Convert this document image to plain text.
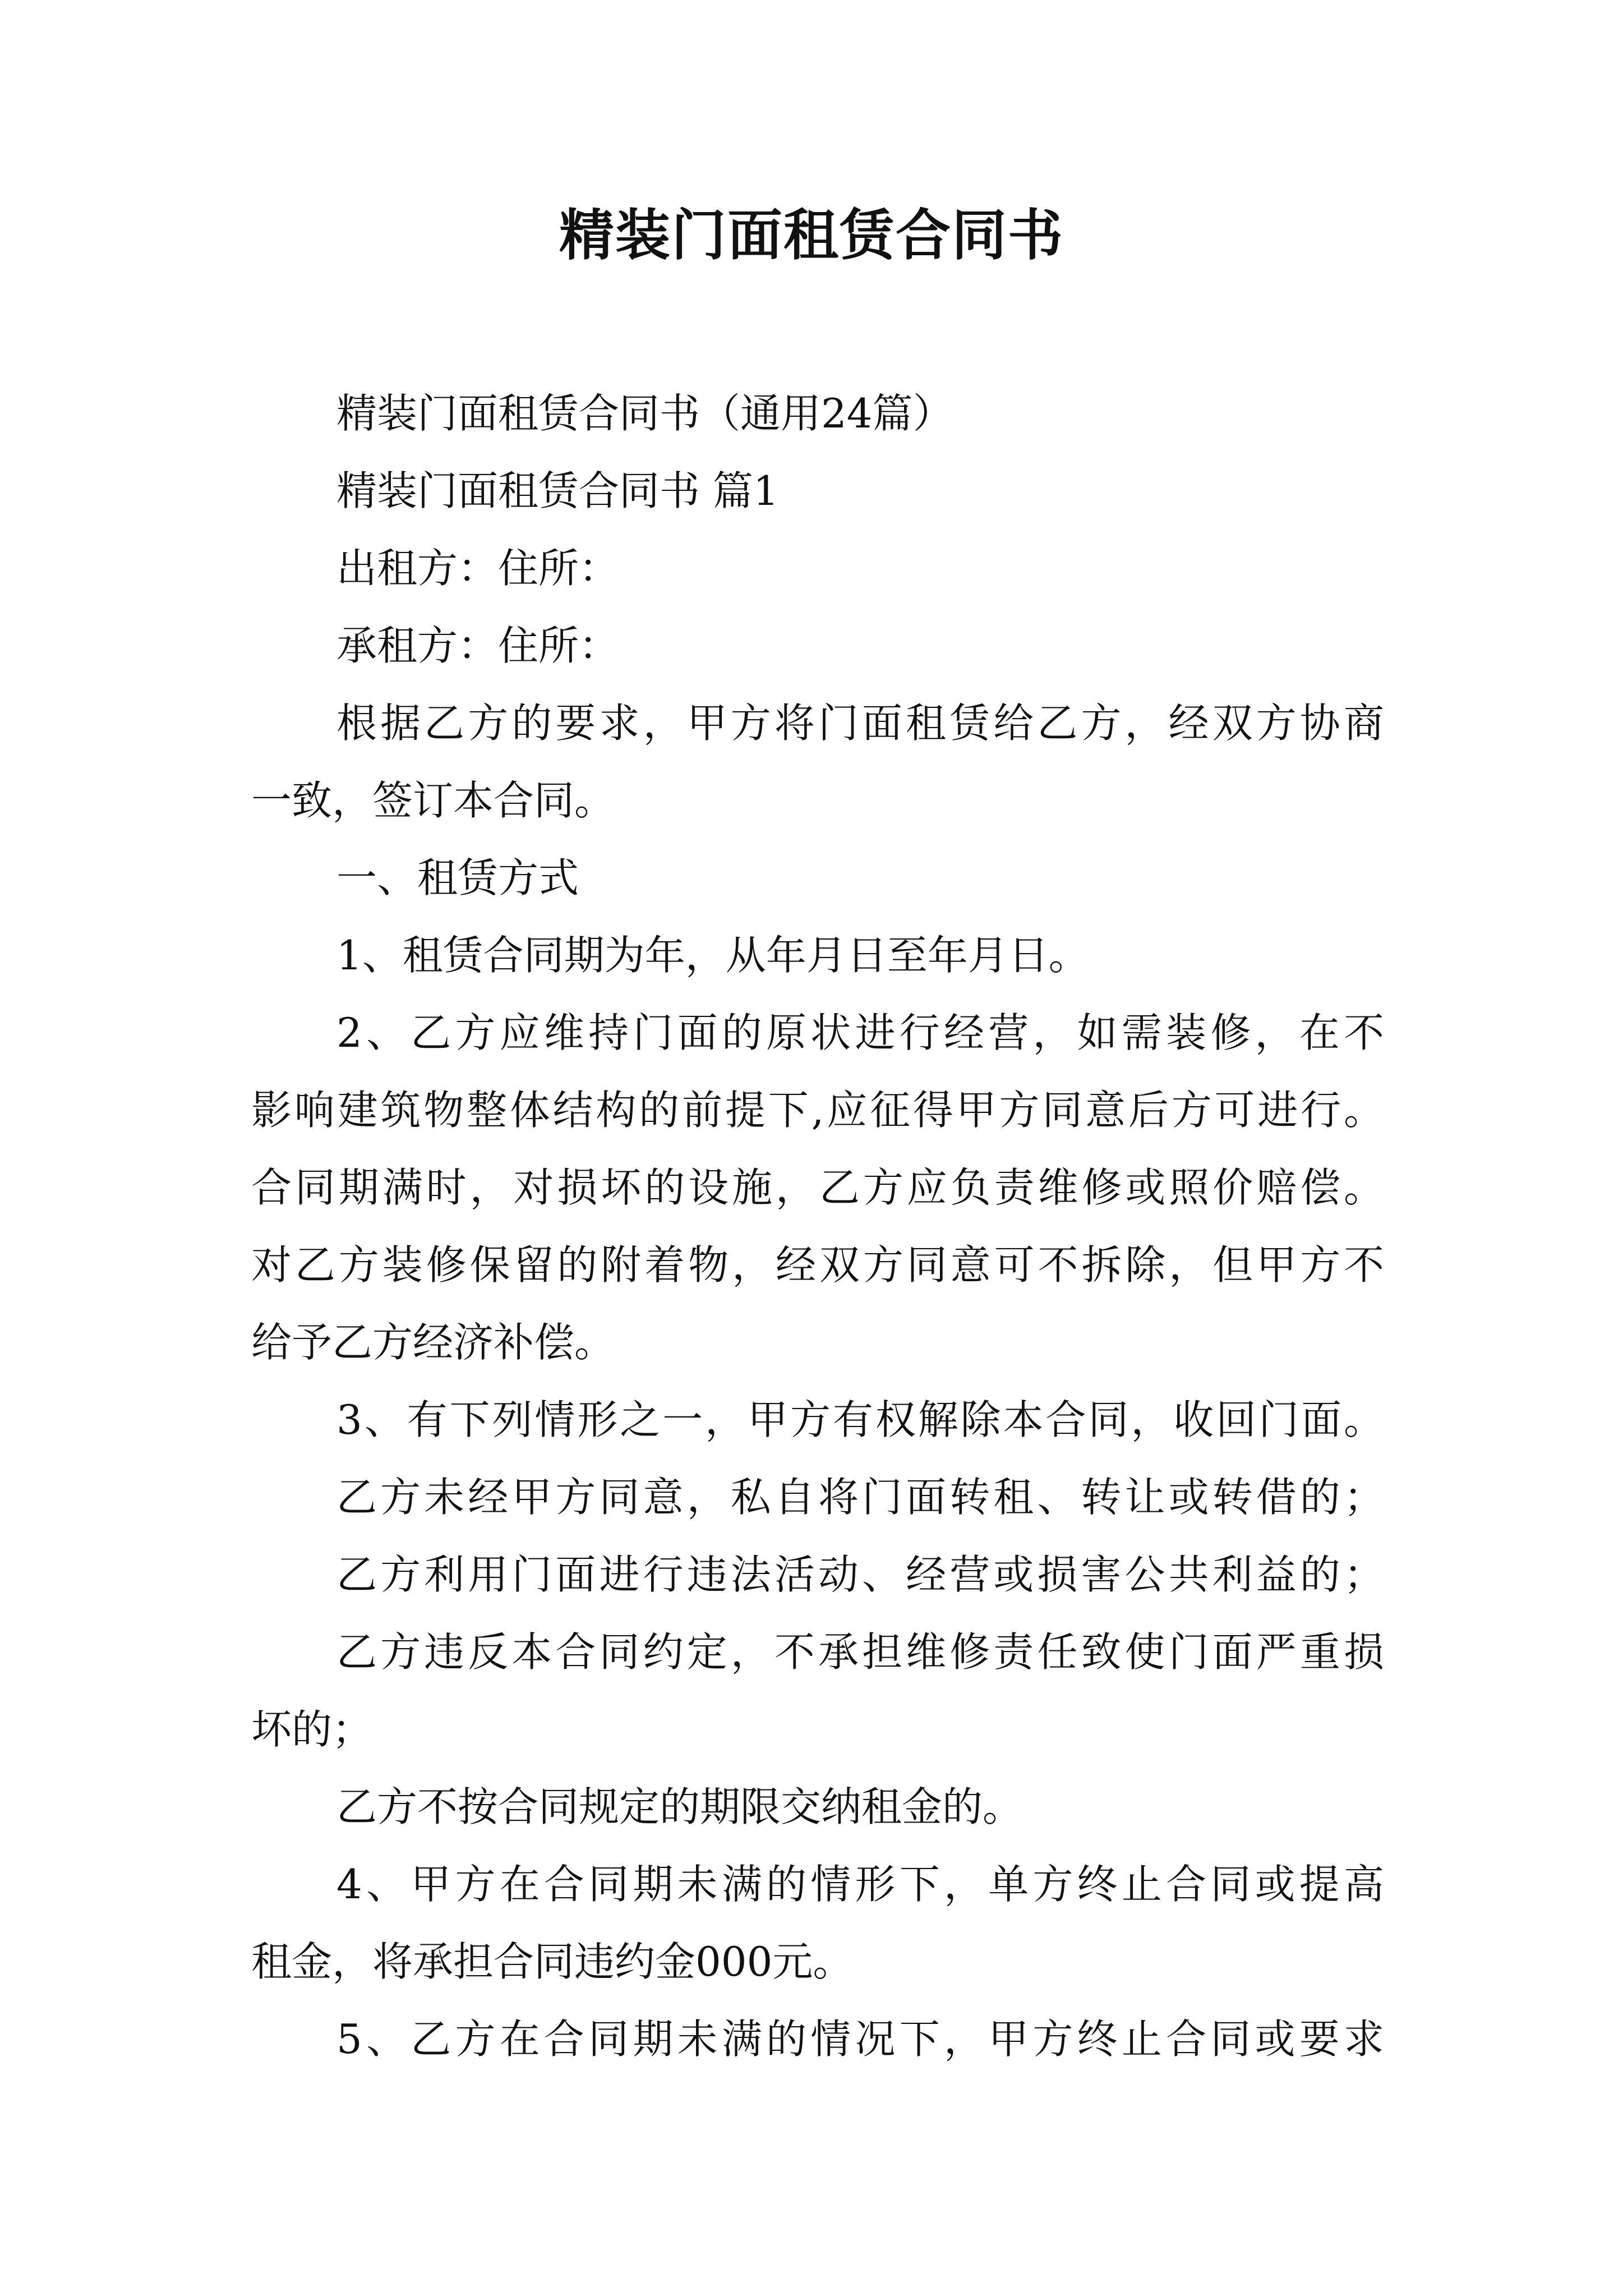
精装门面租赁合同书
精装门面租赁合同书（通用24篇）
精装门面租赁合同书 篇1
出租方：住所：
承租方：住所：
根据乙方的要求，甲方将门面租赁给乙方，经双方协商
一致，签订本合同。
一、租赁方式
1、租赁合同期为年，从年月日至年月日。
2、乙方应维持门面的原状进行经营，如需装修，在不
影响建筑物整体结构的前提下,应征得甲方同意后方可进行。
合同期满时，对损坏的设施，乙方应负责维修或照价赔偿。
对乙方装修保留的附着物，经双方同意可不拆除，但甲方不
给予乙方经济补偿。
3、有下列情形之一，甲方有权解除本合同，收回门面。
乙方未经甲方同意，私自将门面转租、转让或转借的；
乙方利用门面进行违法活动、经营或损害公共利益的；
乙方违反本合同约定，不承担维修责任致使门面严重损
坏的；
乙方不按合同规定的期限交纳租金的。
4、甲方在合同期未满的情形下，单方终止合同或提高
租金，将承担合同违约金000元。
5、乙方在合同期未满的情况下，甲方终止合同或要求
